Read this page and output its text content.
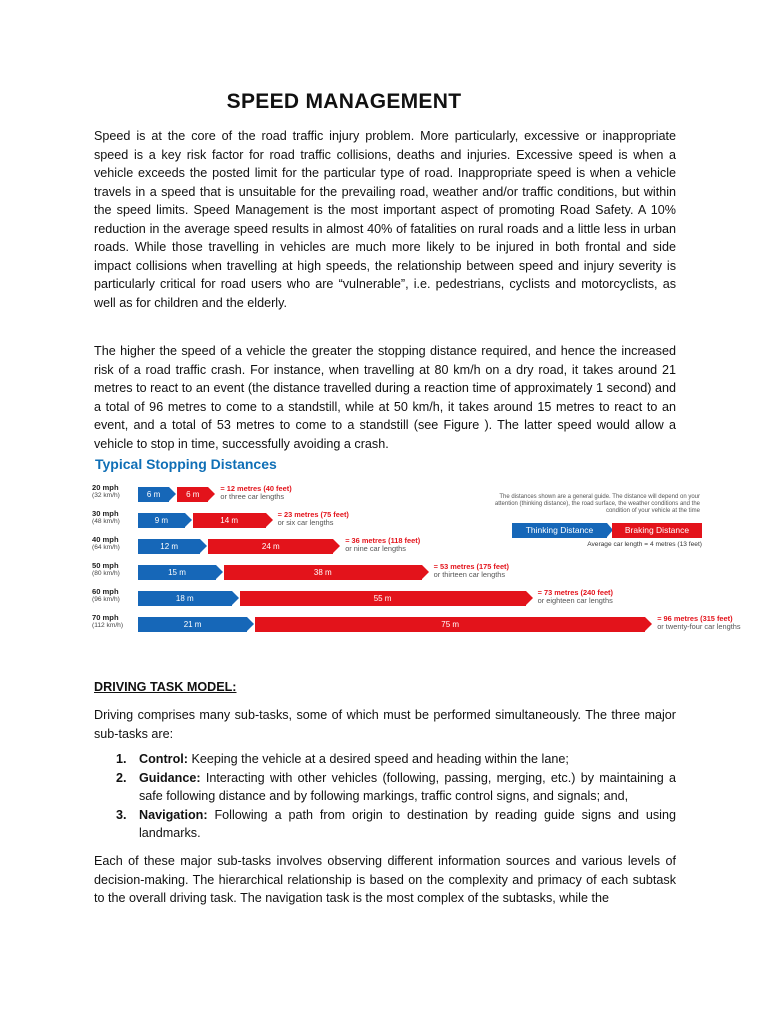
SPEED MANAGEMENT
Speed is at the core of the road traffic injury problem. More particularly, excessive or inappropriate speed is a key risk factor for road traffic collisions, deaths and injuries. Excessive speed is when a vehicle exceeds the posted limit for the particular type of road. Inappropriate speed is when a vehicle travels in a speed that is unsuitable for the prevailing road, weather and/or traffic conditions, but within the speed limits. Speed Management is the most important aspect of promoting Road Safety. A 10% reduction in the average speed results in almost 40% of fatalities on rural roads and a little less in urban roads. While those travelling in vehicles are much more likely to be injured in both frontal and side impact collisions when travelling at high speeds, the relationship between speed and injury severity is particularly critical for road users who are “vulnerable”, i.e. pedestrians, cyclists and motorcyclists, as well as for children and the elderly.
The higher the speed of a vehicle the greater the stopping distance required, and hence the increased risk of a road traffic crash. For instance, when travelling at 80 km/h on a dry road, it takes around 21 metres to react to an event (the distance travelled during a reaction time of approximately 1 second) and a total of 96 metres to come to a standstill, while at 50 km/h, it takes around 15 metres to react to an event, and a total of 53 metres to come to a standstill (see Figure ). The latter speed would allow a vehicle to stop in time, successfully avoiding a crash.
Typical Stopping Distances
The distances shown are a general guide. The distance will depend on your attention (thinking distance), the road surface, the weather conditions and the condition of your vehicle at the time
Thinking Distance	Braking Distance
Average car length = 4 metres (13 feet)
20 mph
(32 km/h)	6 m	6 m
= 12 metres (40 feet)
or three car lengths
30 mph
(48 km/h)	9 m	14 m
= 23 metres (75 feet)
or six car lengths
40 mph
(64 km/h)	12 m	24 m
= 36 metres (118 feet)
or nine car lengths
50 mph
(80 km/h)	15 m	38 m
= 53 metres (175 feet)
or thirteen car lengths
60 mph
(96 km/h)	18 m	55 m
= 73 metres (240 feet)
or eighteen car lengths
70 mph
(112 km/h)	21 m	75 m
= 96 metres (315 feet)
or twenty-four car lengths
DRIVING TASK MODEL:
Driving comprises many sub-tasks, some of which must be performed simultaneously. The three major sub-tasks are:
1. Control: Keeping the vehicle at a desired speed and heading within the lane;
2. Guidance: Interacting with other vehicles (following, passing, merging, etc.) by maintaining a safe following distance and by following markings, traffic control signs, and signals; and,
3. Navigation: Following a path from origin to destination by reading guide signs and using landmarks.
Each of these major sub-tasks involves observing different information sources and various levels of decision-making. The hierarchical relationship is based on the complexity and primacy of each subtask to the overall driving task. The navigation task is the most complex of the subtasks, while the
